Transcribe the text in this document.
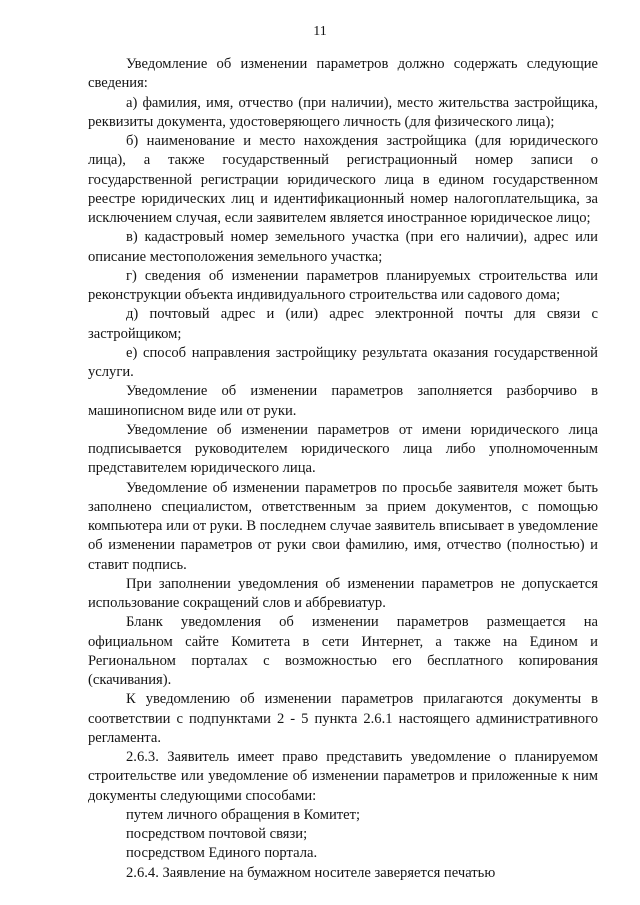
11

Уведомление об изменении параметров должно содержать следующие сведения:

а) фамилия, имя, отчество (при наличии), место жительства застройщика, реквизиты документа, удостоверяющего личность (для физического лица);

б) наименование и место нахождения застройщика (для юридического лица), а также государственный регистрационный номер записи о государственной регистрации юридического лица в едином государственном реестре юридических лиц и идентификационный номер налогоплательщика, за исключением случая, если заявителем является иностранное юридическое лицо;

в) кадастровый номер земельного участка (при его наличии), адрес или описание местоположения земельного участка;

г) сведения об изменении параметров планируемых строительства или реконструкции объекта индивидуального строительства или садового дома;

д) почтовый адрес и (или) адрес электронной почты для связи с застройщиком;

е) способ направления застройщику результата оказания государственной услуги.

Уведомление об изменении параметров заполняется разборчиво в машинописном виде или от руки.

Уведомление об изменении параметров от имени юридического лица подписывается руководителем юридического лица либо уполномоченным представителем юридического лица.

Уведомление об изменении параметров по просьбе заявителя может быть заполнено специалистом, ответственным за прием документов, с помощью компьютера или от руки. В последнем случае заявитель вписывает в уведомление об изменении параметров от руки свои фамилию, имя, отчество (полностью) и ставит подпись.

При заполнении уведомления об изменении параметров не допускается использование сокращений слов и аббревиатур.

Бланк уведомления об изменении параметров размещается на официальном сайте Комитета в сети Интернет, а также на Едином и Региональном порталах с возможностью его бесплатного копирования (скачивания).

К уведомлению об изменении параметров прилагаются документы в соответствии с подпунктами 2 - 5 пункта 2.6.1 настоящего административного регламента.

2.6.3. Заявитель имеет право представить уведомление о планируемом строительстве или уведомление об изменении параметров и приложенные к ним документы следующими способами:

путем личного обращения в Комитет;

посредством почтовой связи;

посредством Единого портала.

2.6.4. Заявление на бумажном носителе заверяется печатью
